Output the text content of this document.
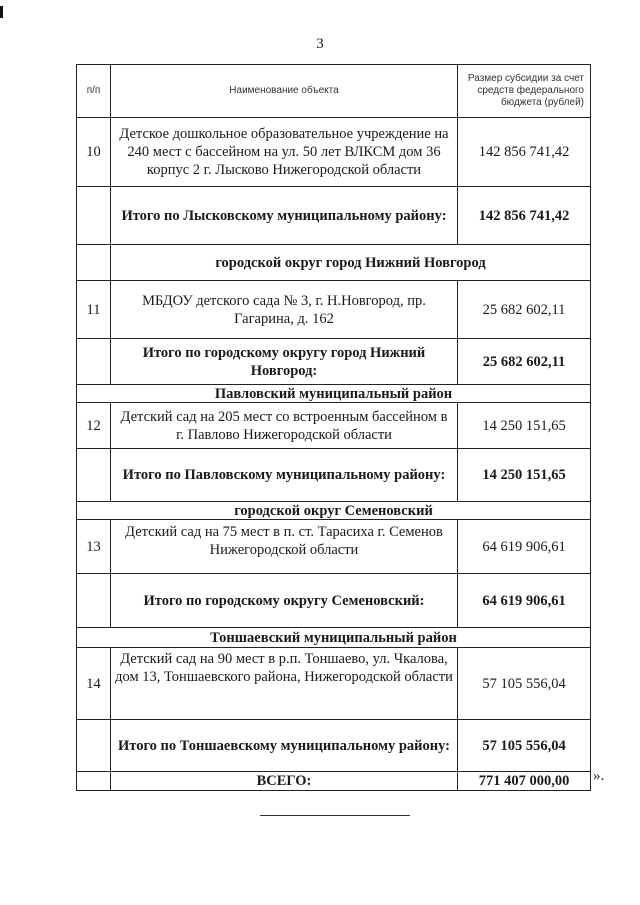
3
п/п	Наименование объекта	Размер субсидии за счет средств федерального бюджета (рублей)
10	Детское дошкольное образовательное учреждение на 240 мест с бассейном на ул. 50 лет ВЛКСМ дом 36 корпус 2 г. Лысково Нижегородской области	142 856 741,42
	Итого по Лысковскому муниципальному району:	142 856 741,42
	городской округ город Нижний Новгород	
11	МБДОУ детского сада № 3, г. Н.Новгород, пр. Гагарина, д. 162	25 682 602,11
	Итого по городскому округу город Нижний Новгород:	25 682 602,11
Павловский муниципальный район		
12	Детский сад на 205 мест со встроенным бассейном в г. Павлово Нижегородской области	14 250 151,65
	Итого по Павловскому муниципальному району:	14 250 151,65
городской округ Семеновский		
13	Детский сад на 75 мест в п. ст. Тарасиха г. Семенов Нижегородской области	64 619 906,61
	Итого по городскому округу Семеновский:	64 619 906,61
Тоншаевский муниципальный район		
14	Детский сад на 90 мест в р.п. Тоншаево, ул. Чкалова, дом 13, Тоншаевского района, Нижегородской области	57 105 556,04
	Итого по Тоншаевскому муниципальному району:	57 105 556,04
	ВСЕГО:	771 407 000,00 ».
